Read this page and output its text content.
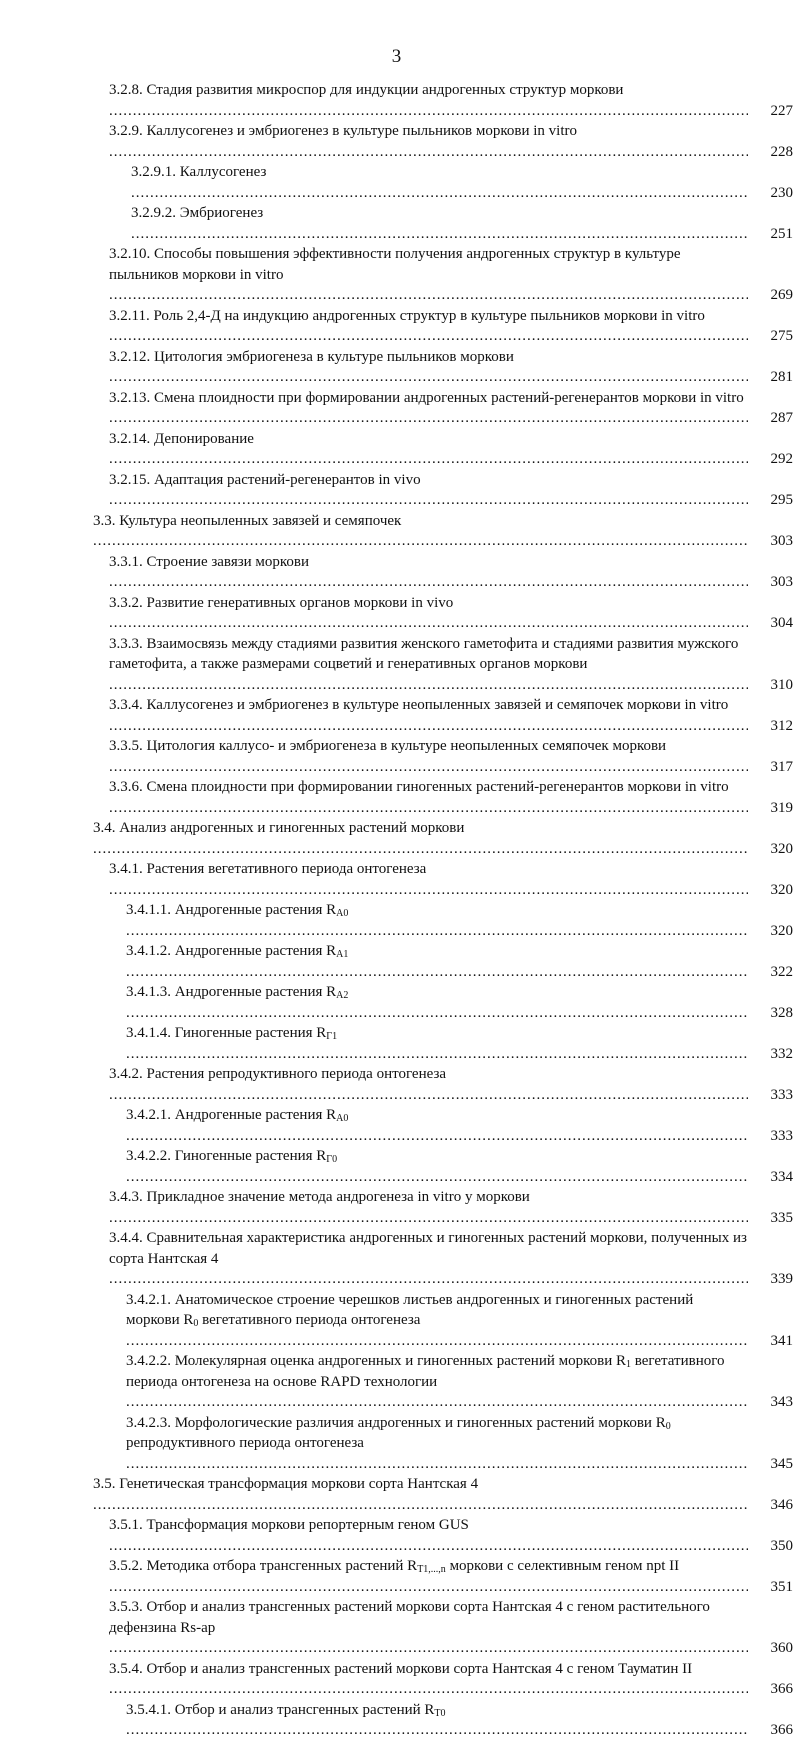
3
3.2.8. Стадия развития микроспор для индукции андрогенных структур моркови .....
227
3.2.9. Каллусогенез и эмбриогенез в культуре пыльников моркови in vitro .....
228
3.2.9.1. Каллусогенез .....
230
3.2.9.2. Эмбриогенез .....
251
3.2.10. Способы повышения эффективности получения андрогенных структур в культуре пыльников моркови in vitro .....
269
3.2.11. Роль 2,4-Д на индукцию андрогенных структур в культуре пыльников моркови in vitro .....
275
3.2.12. Цитология эмбриогенеза в культуре пыльников моркови .....
281
3.2.13. Смена плоидности при формировании андрогенных растений-регенерантов моркови in vitro .....
287
3.2.14. Депонирование .....
292
3.2.15. Адаптация растений-регенерантов in vivo .....
295
3.3. Культура неопыленных завязей и семяпочек .....
303
3.3.1. Строение завязи моркови .....
303
3.3.2. Развитие генеративных органов моркови in vivo .....
304
3.3.3. Взаимосвязь между стадиями развития женского гаметофита и стадиями развития мужского гаметофита, а также размерами соцветий и генеративных органов моркови .....
310
3.3.4. Каллусогенез и эмбриогенез в культуре неопыленных завязей и семяпочек моркови in vitro .....
312
3.3.5. Цитология каллусо- и эмбриогенеза в культуре неопыленных семяпочек моркови .....
317
3.3.6. Смена плоидности при формировании гиногенных растений-регенерантов моркови in vitro .....
319
3.4. Анализ андрогенных и гиногенных растений моркови .....
320
3.4.1. Растения вегетативного периода онтогенеза .....
320
3.4.1.1. Андрогенные растения $R_{A0}$ .....
320
3.4.1.2. Андрогенные растения $R_{A1}$ .....
322
3.4.1.3. Андрогенные растения $R_{A2}$ .....
328
3.4.1.4. Гиногенные растения $R_{Г1}$ .....
332
3.4.2. Растения репродуктивного периода онтогенеза .....
333
3.4.2.1. Андрогенные растения $R_{A0}$ .....
333
3.4.2.2. Гиногенные растения $R_{Г0}$ .....
334
3.4.3. Прикладное значение метода андрогенеза in vitro у моркови .....
335
3.4.4. Сравнительная характеристика андрогенных и гиногенных растений моркови, полученных из сорта Нантская 4 .....
339
3.4.2.1. Анатомическое строение черешков листьев андрогенных и гиногенных растений моркови $R_0$ вегетативного периода онтогенеза .....
341
3.4.2.2. Молекулярная оценка андрогенных и гиногенных растений моркови $R_1$ вегетативного периода онтогенеза на основе RAPD технологии .....
343
3.4.2.3. Морфологические различия андрогенных и гиногенных растений моркови $R_0$ репродуктивного периода онтогенеза .....
345
3.5. Генетическая трансформация моркови сорта Нантская 4 .....
346
3.5.1. Трансформация моркови репортерным геном GUS .....
350
3.5.2. Методика отбора трансгенных растений $R_{T1,...,n}$ моркови с селективным геном npt II .....
351
3.5.3. Отбор и анализ трансгенных растений моркови сорта Нантская 4 с геном растительного дефензина Rs-ap .....
360
3.5.4. Отбор и анализ трансгенных растений моркови сорта Нантская 4 с геном Тауматин II .....
366
3.5.4.1. Отбор и анализ трансгенных растений $R_{T0}$ .....
366
